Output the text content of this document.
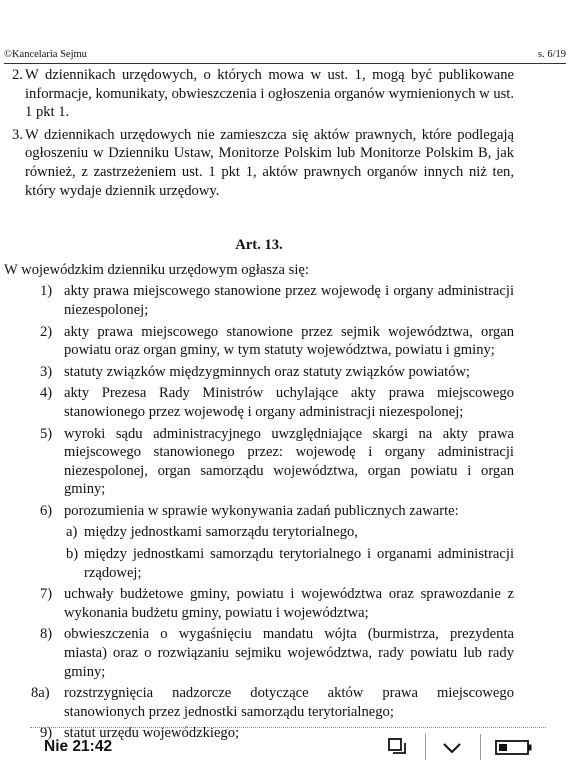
©Kancelaria Sejmu	s. 6/19
2. W dziennikach urzędowych, o których mowa w ust. 1, mogą być publikowane informacje, komunikaty, obwieszczenia i ogłoszenia organów wymienionych w ust. 1 pkt 1.
3. W dziennikach urzędowych nie zamieszcza się aktów prawnych, które podlegają ogłoszeniu w Dzienniku Ustaw, Monitorze Polskim lub Monitorze Polskim B, jak również, z zastrzeżeniem ust. 1 pkt 1, aktów prawnych organów innych niż ten, który wydaje dziennik urzędowy.
Art. 13.
W wojewódzkim dzienniku urzędowym ogłasza się:
1) akty prawa miejscowego stanowione przez wojewodę i organy administracji niezespolonej;
2) akty prawa miejscowego stanowione przez sejmik województwa, organ powiatu oraz organ gminy, w tym statuty województwa, powiatu i gminy;
3) statuty związków międzygminnych oraz statuty związków powiatów;
4) akty Prezesa Rady Ministrów uchylające akty prawa miejscowego stanowionego przez wojewodę i organy administracji niezespolonej;
5) wyroki sądu administracyjnego uwzględniające skargi na akty prawa miejscowego stanowionego przez: wojewodę i organy administracji niezespolonej, organ samorządu województwa, organ powiatu i organ gminy;
6) porozumienia w sprawie wykonywania zadań publicznych zawarte:
a) między jednostkami samorządu terytorialnego,
b) między jednostkami samorządu terytorialnego i organami administracji rządowej;
7) uchwały budżetowe gminy, powiatu i województwa oraz sprawozdanie z wykonania budżetu gminy, powiatu i województwa;
8) obwieszczenia o wygaśnięciu mandatu wójta (burmistrza, prezydenta miasta) oraz o rozwiązaniu sejmiku województwa, rady powiatu lub rady gminy;
8a) rozstrzygnięcia nadzorcze dotyczące aktów prawa miejscowego stanowionych przez jednostki samorządu terytorialnego;
9) statut urzędu wojewódzkiego;
Nie 21:42
